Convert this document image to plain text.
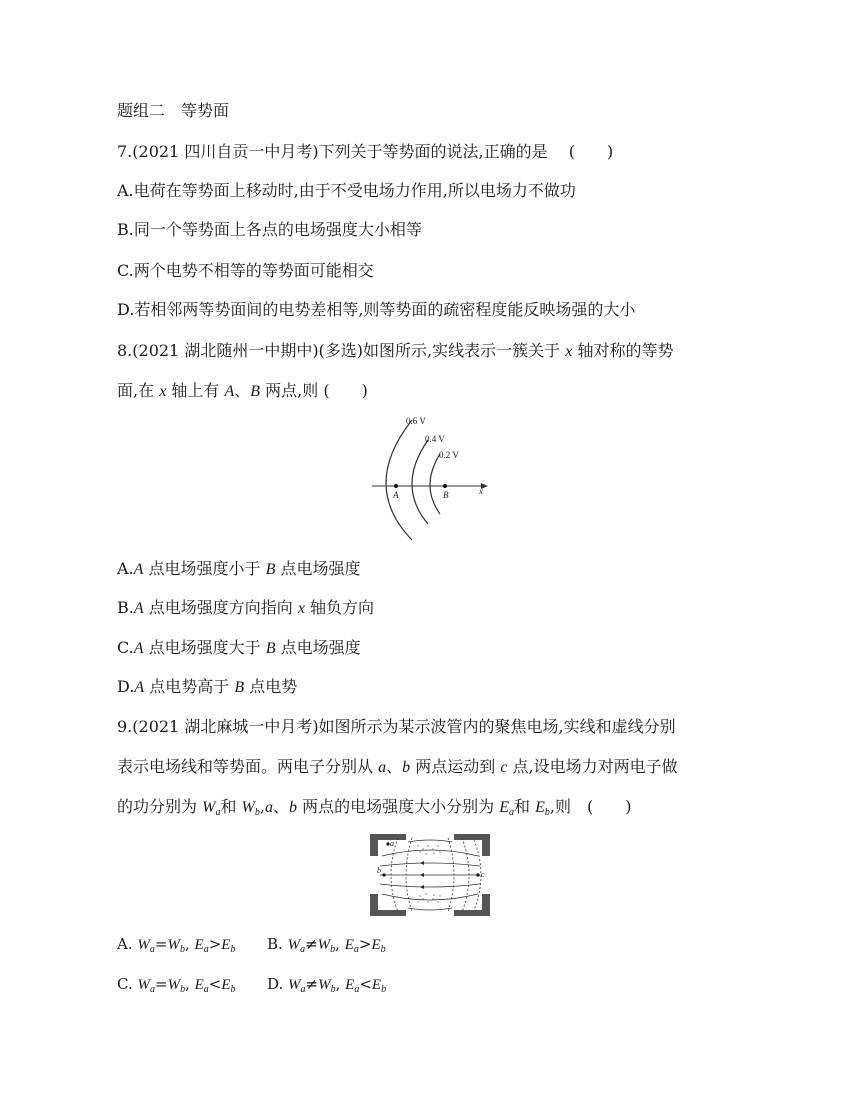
题组二　等势面
7.(2021 四川自贡一中月考)下列关于等势面的说法,正确的是　 (　　)
A.电荷在等势面上移动时,由于不受电场力作用,所以电场力不做功
B.同一个等势面上各点的电场强度大小相等
C.两个电势不相等的等势面可能相交
D.若相邻两等势面间的电势差相等,则等势面的疏密程度能反映场强的大小
8.(2021 湖北随州一中期中)(多选)如图所示,实线表示一簇关于 x 轴对称的等势
面,在 x 轴上有 A、B 两点,则 (　　)
0.6 V
0.4 V
0.2 V
A	B	x
A.A 点电场强度小于 B 点电场强度
B.A 点电场强度方向指向 x 轴负方向
C.A 点电场强度大于 B 点电场强度
D.A 点电势高于 B 点电势
9.(2021 湖北麻城一中月考)如图所示为某示波管内的聚焦电场,实线和虚线分别
表示电场线和等势面。两电子分别从 a、b 两点运动到 c 点,设电场力对两电子做
的功分别为 $W_a$和 $W_b,a$、b 两点的电场强度大小分别为 $E_a$和 $E_b$,则　(　　)
a
b	c
A. $W_a=W_b$, $E_a>E_b$ B. $W_a\ne W_b$, $E_a>E_b$
C. $W_a=W_b$, $E_a<E_b$ D. $W_a\ne W_b$, $E_a<E_b$
